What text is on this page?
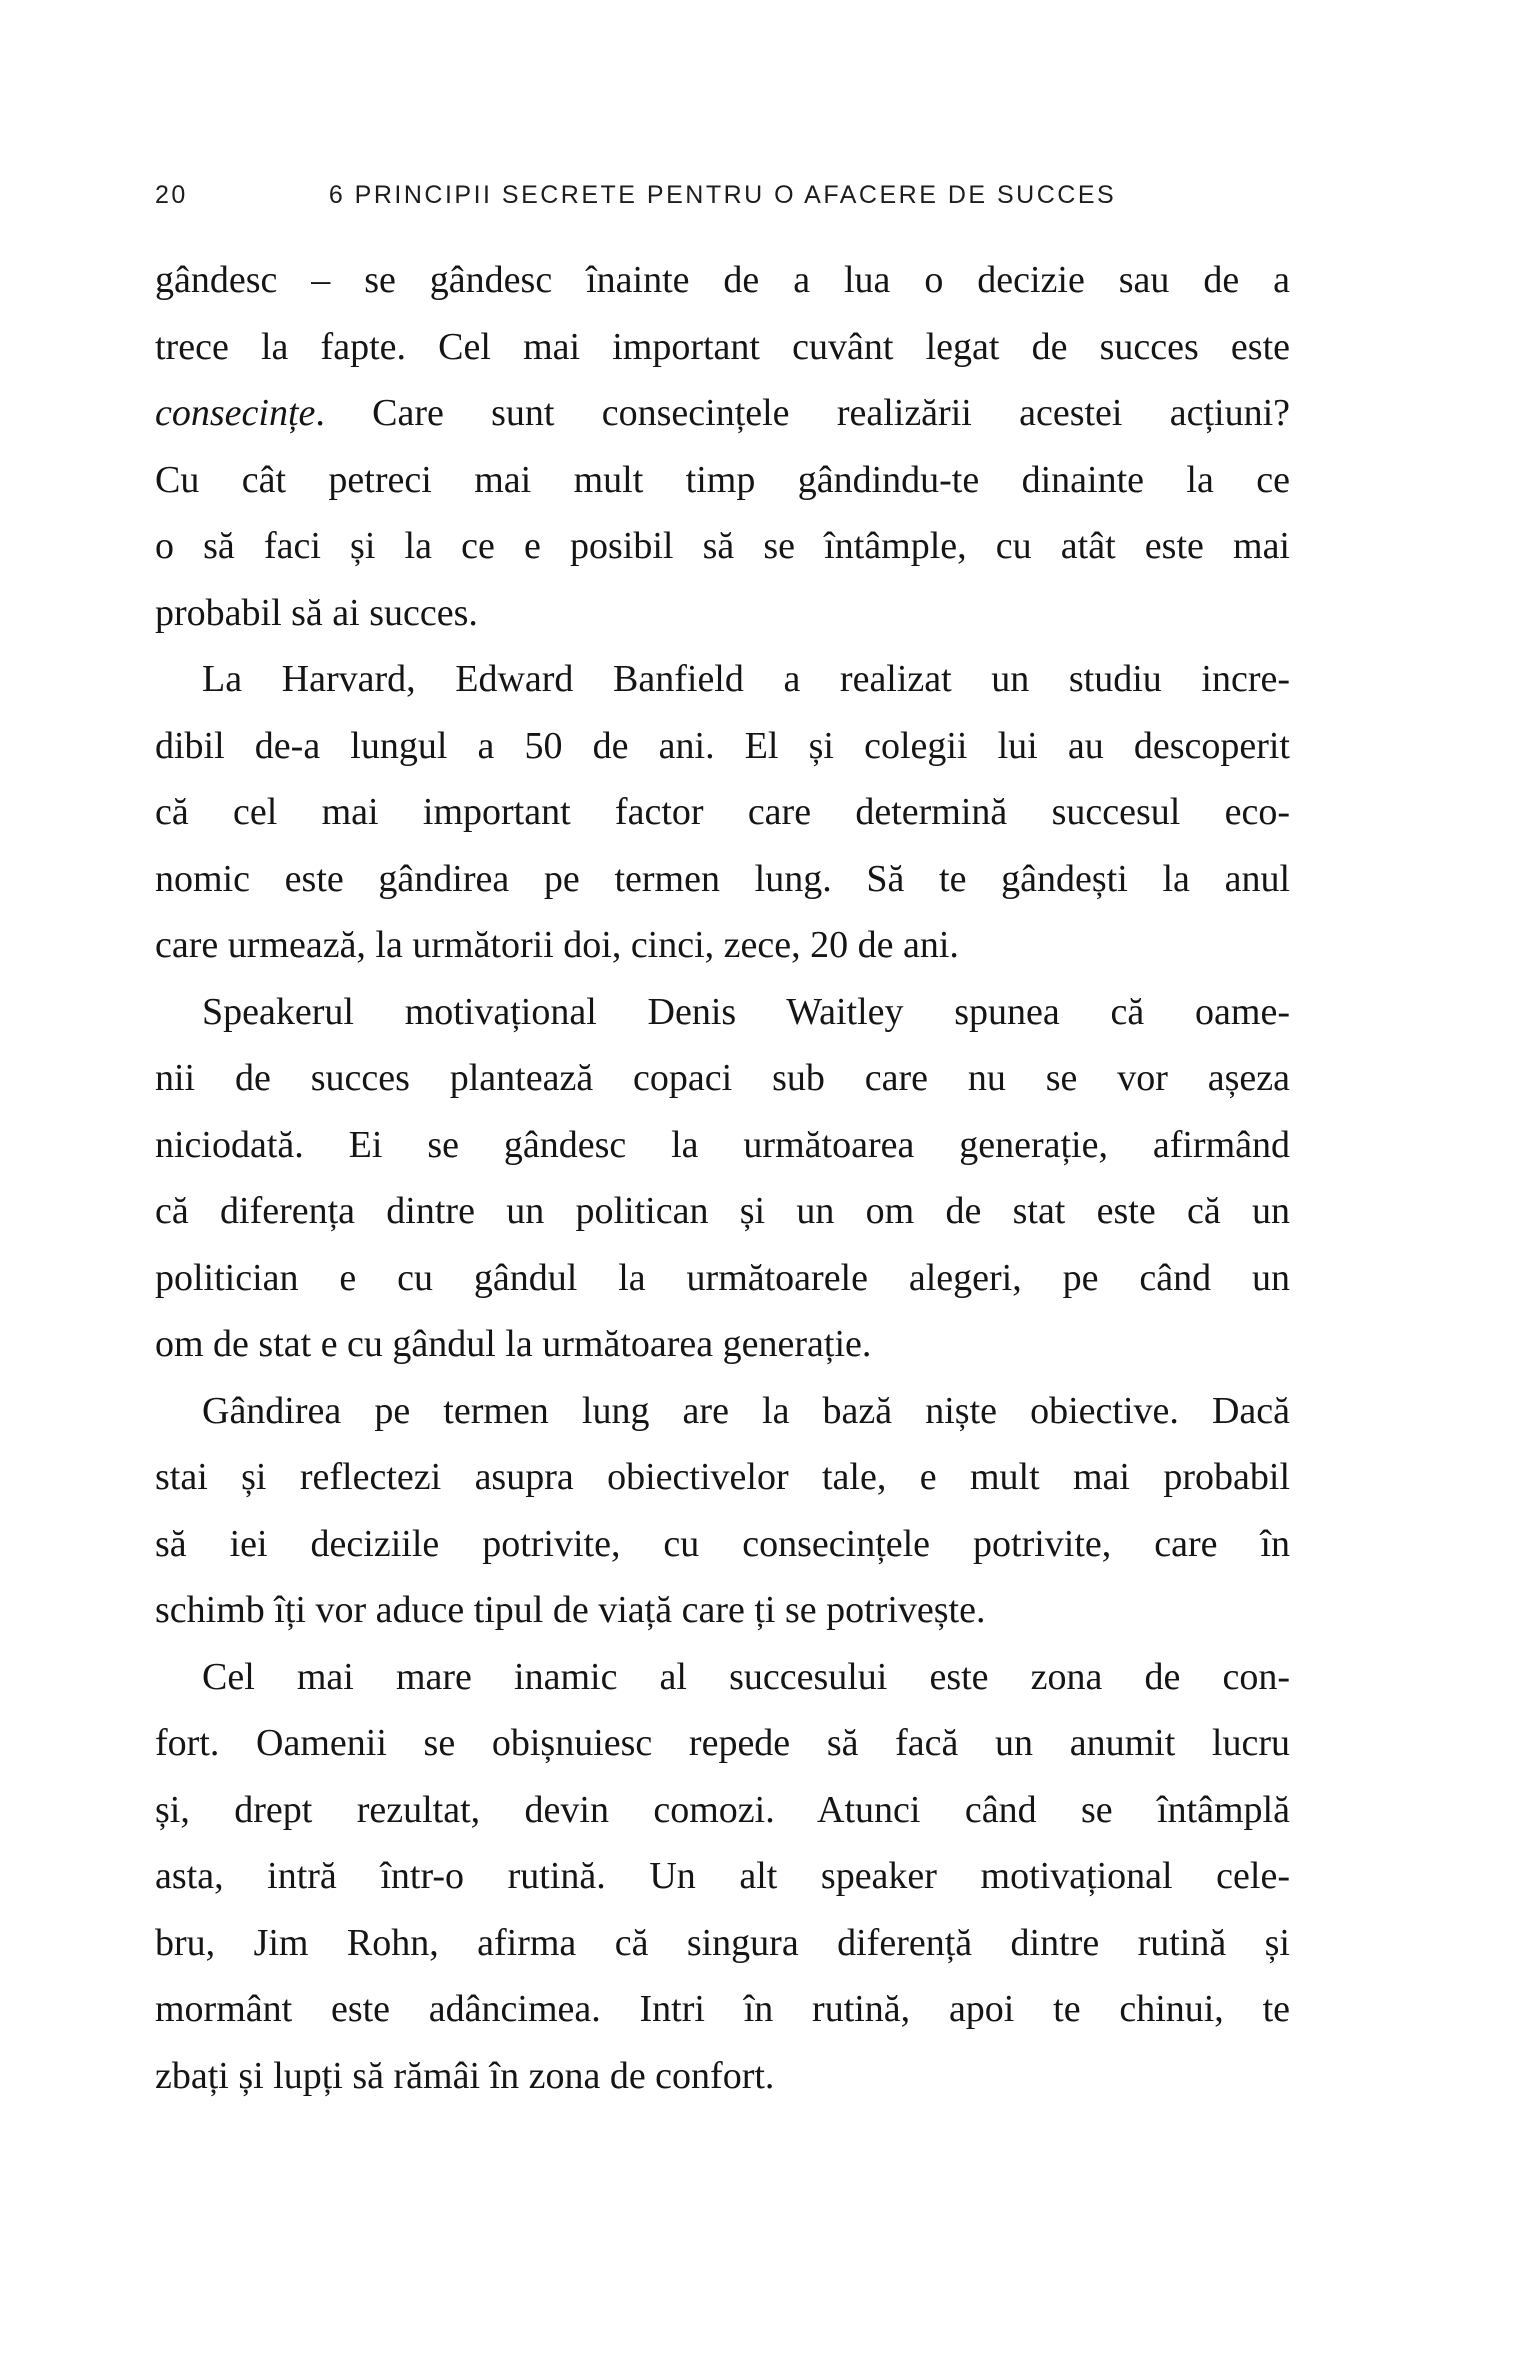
20	6 PRINCIPII SECRETE PENTRU O AFACERE DE SUCCES
gândesc – se gândesc înainte de a lua o decizie sau de a
trece la fapte. Cel mai important cuvânt legat de succes este
consecințe. Care sunt consecințele realizării acestei acțiuni?
Cu cât petreci mai mult timp gândindu-te dinainte la ce
o să faci și la ce e posibil să se întâmple, cu atât este mai
probabil să ai succes.
La Harvard, Edward Banfield a realizat un studiu incre-
dibil de-a lungul a 50 de ani. El și colegii lui au descoperit
că cel mai important factor care determină succesul eco-
nomic este gândirea pe termen lung. Să te gândești la anul
care urmează, la următorii doi, cinci, zece, 20 de ani.
Speakerul motivațional Denis Waitley spunea că oame-
nii de succes plantează copaci sub care nu se vor așeza
niciodată. Ei se gândesc la următoarea generație, afirmând
că diferența dintre un politican și un om de stat este că un
politician e cu gândul la următoarele alegeri, pe când un
om de stat e cu gândul la următoarea generație.
Gândirea pe termen lung are la bază niște obiective. Dacă
stai și reflectezi asupra obiectivelor tale, e mult mai probabil
să iei deciziile potrivite, cu consecințele potrivite, care în
schimb îți vor aduce tipul de viață care ți se potrivește.
Cel mai mare inamic al succesului este zona de con-
fort. Oamenii se obișnuiesc repede să facă un anumit lucru
și, drept rezultat, devin comozi. Atunci când se întâmplă
asta, intră într-o rutină. Un alt speaker motivațional cele-
bru, Jim Rohn, afirma că singura diferență dintre rutină și
mormânt este adâncimea. Intri în rutină, apoi te chinui, te
zbați și lupți să rămâi în zona de confort.
